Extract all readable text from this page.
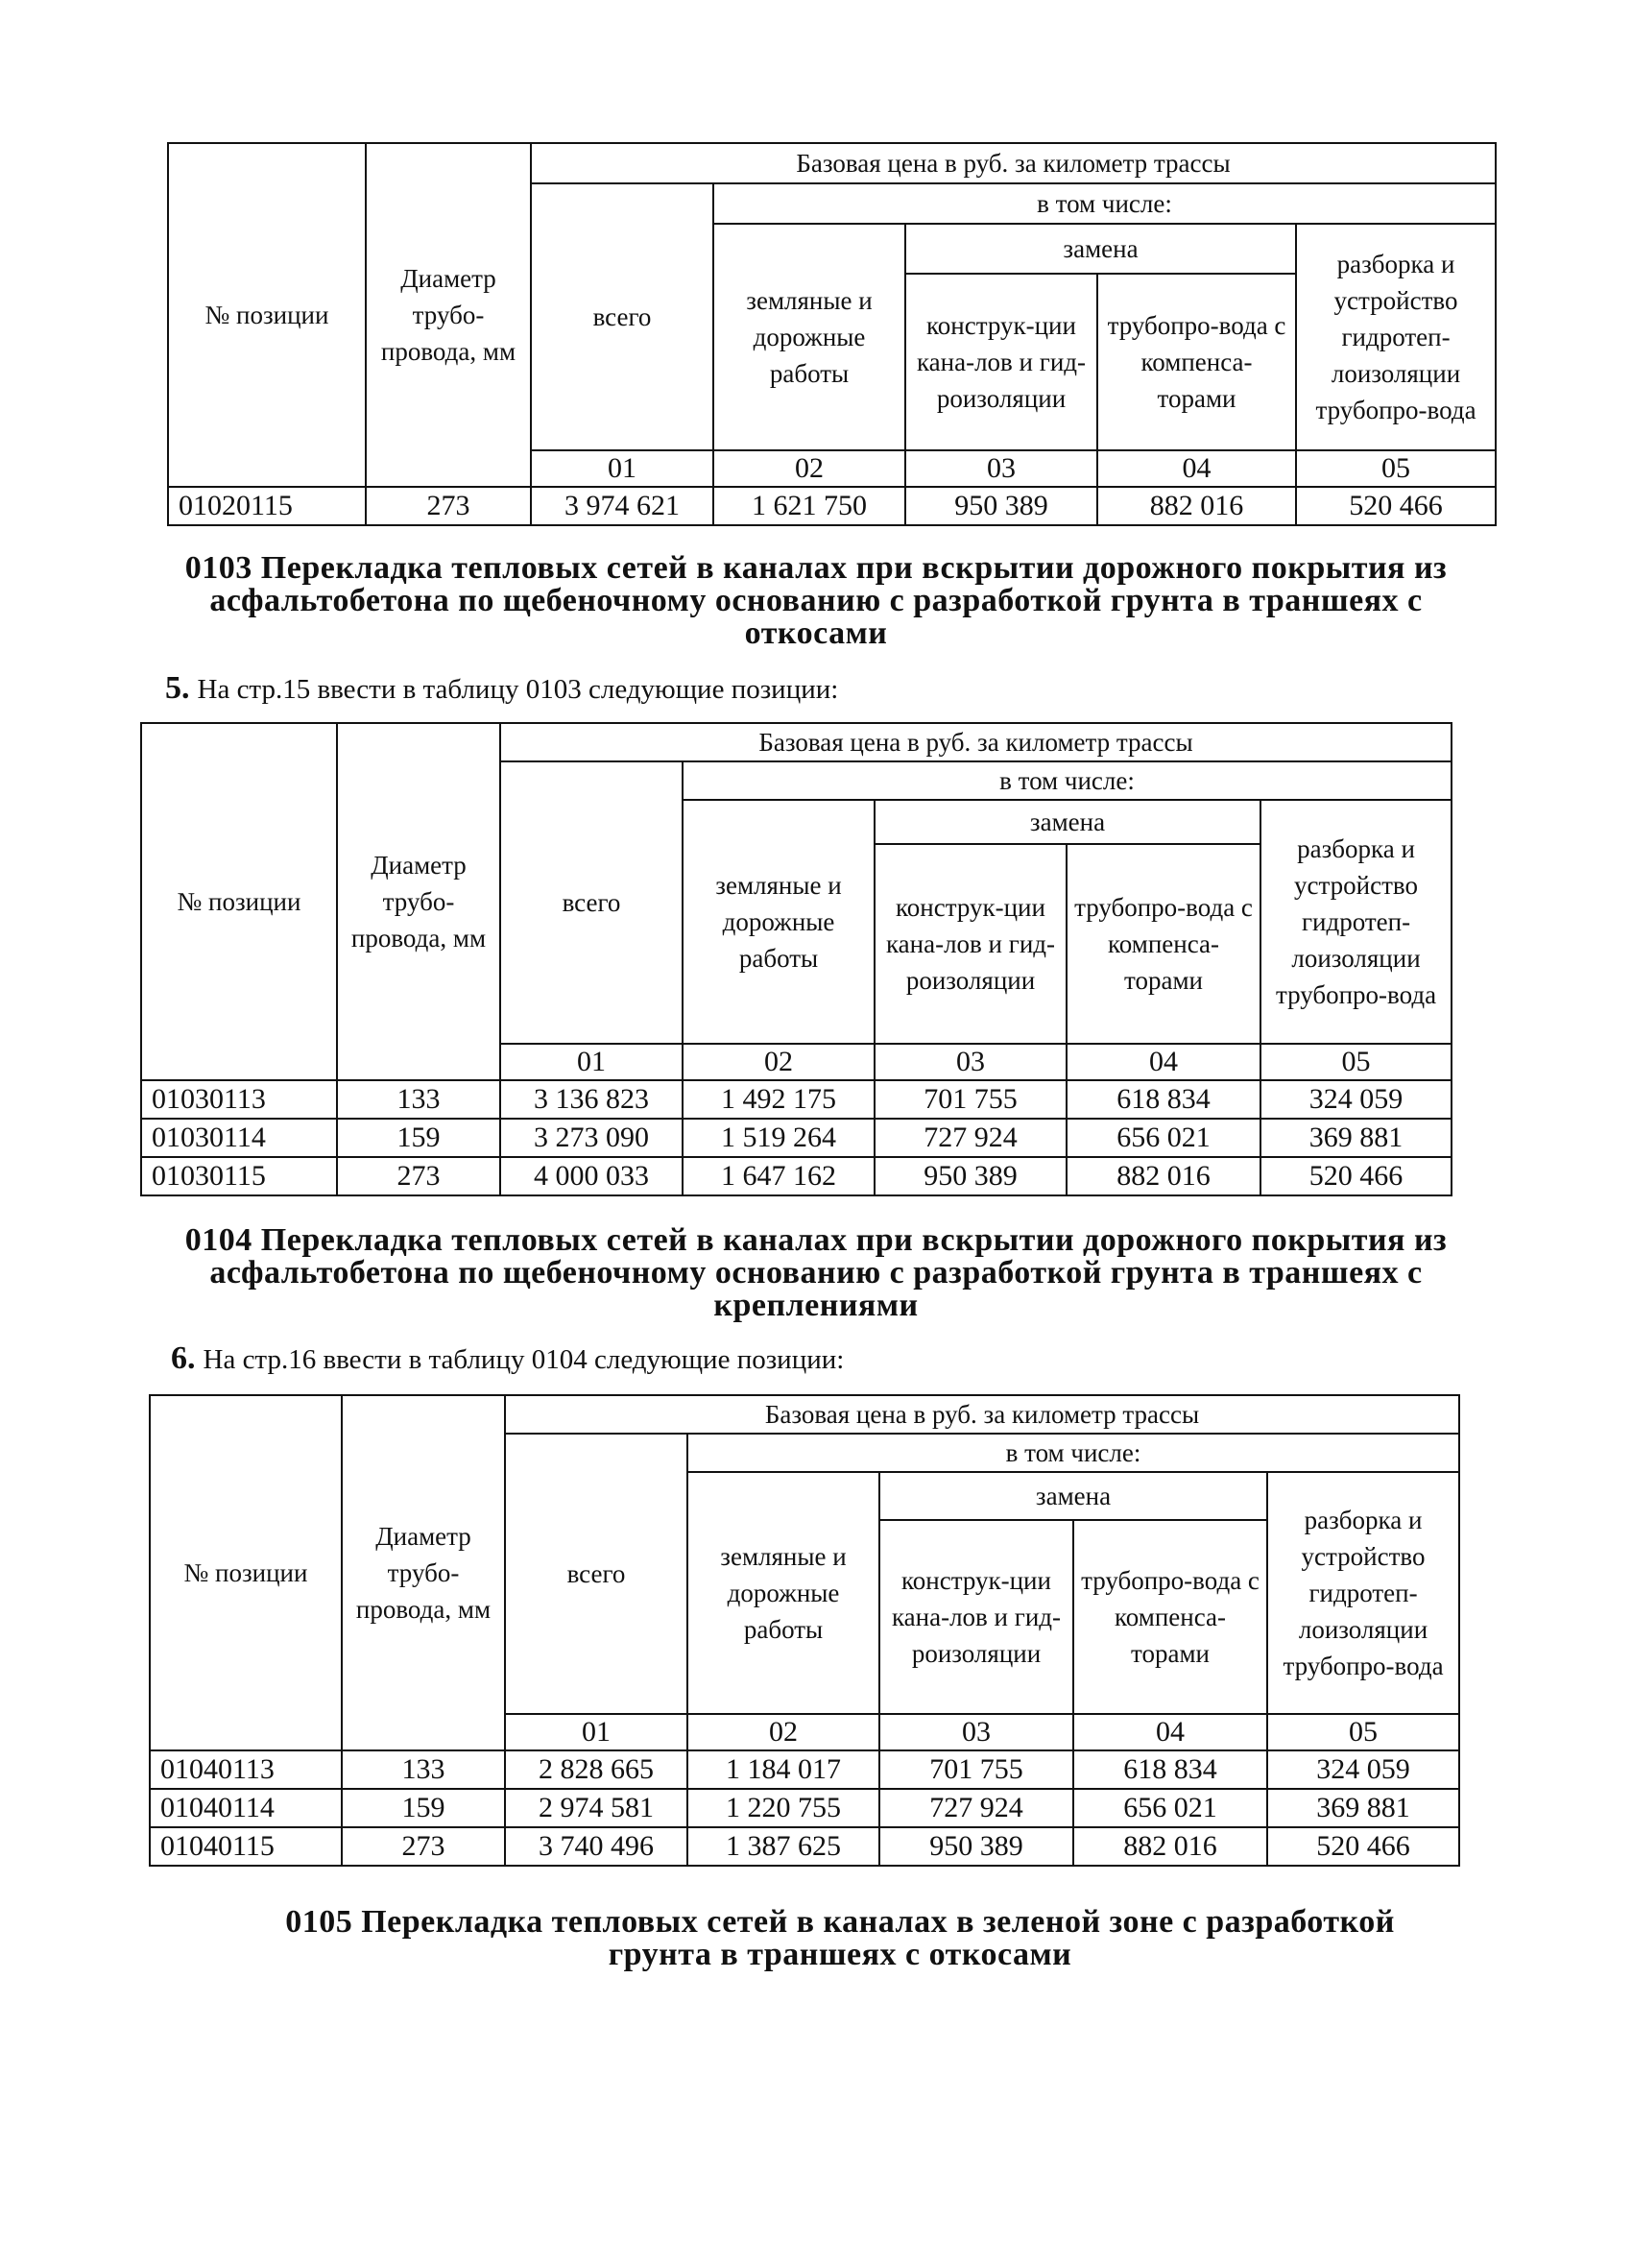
№ позиции	Диаметр трубо-провода, мм	Базовая цена в руб. за километр трассы				
		всего	в том числе:			
			земляные и дорожные работы	замена		разборка и устройство гидротеп-лоизоляции трубопро-вода
				конструк-ции кана-лов и гид-роизоляции	трубопро-вода с компенса-торами	
		01	02	03	04	05
01020115	273	3 974 621	1 621 750	950 389	882 016	520 466
0103 Перекладка тепловых сетей в каналах при вскрытии дорожного покрытия из асфальтобетона по щебеночному основанию с разработкой грунта в траншеях с откосами
5. На стр.15 ввести в таблицу 0103 следующие позиции:
№ позиции	Диаметр трубо-провода, мм	Базовая цена в руб. за километр трассы				
		всего	в том числе:			
			земляные и дорожные работы	замена		разборка и устройство гидротеп-лоизоляции трубопро-вода
				конструк-ции кана-лов и гид-роизоляции	трубопро-вода с компенса-торами	
		01	02	03	04	05
01030113	133	3 136 823	1 492 175	701 755	618 834	324 059
01030114	159	3 273 090	1 519 264	727 924	656 021	369 881
01030115	273	4 000 033	1 647 162	950 389	882 016	520 466
0104 Перекладка тепловых сетей в каналах при вскрытии дорожного покрытия из асфальтобетона по щебеночному основанию с разработкой грунта в траншеях с креплениями
6. На стр.16 ввести в таблицу 0104 следующие позиции:
№ позиции	Диаметр трубо-провода, мм	Базовая цена в руб. за километр трассы				
		всего	в том числе:			
			земляные и дорожные работы	замена		разборка и устройство гидротеп-лоизоляции трубопро-вода
				конструк-ции кана-лов и гид-роизоляции	трубопро-вода с компенса-торами	
		01	02	03	04	05
01040113	133	2 828 665	1 184 017	701 755	618 834	324 059
01040114	159	2 974 581	1 220 755	727 924	656 021	369 881
01040115	273	3 740 496	1 387 625	950 389	882 016	520 466
0105 Перекладка тепловых сетей в каналах в зеленой зоне с разработкой грунта в траншеях с откосами
